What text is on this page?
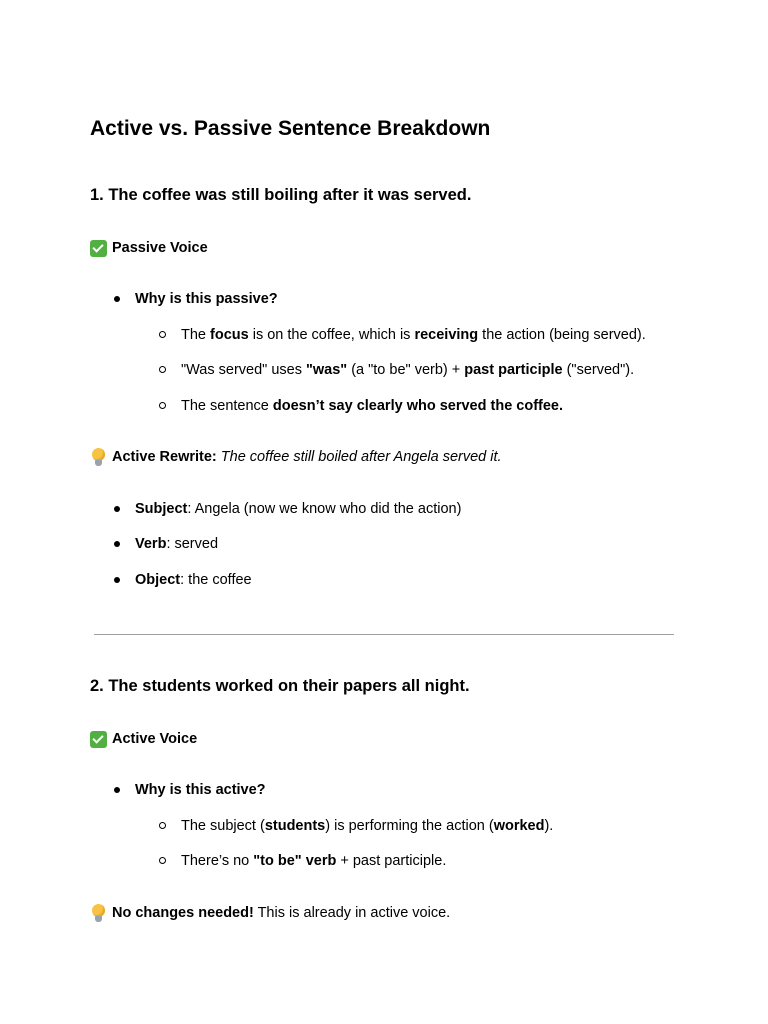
Active vs. Passive Sentence Breakdown
1. The coffee was still boiling after it was served.
Passive Voice
Why is this passive?
The focus is on the coffee, which is receiving the action (being served).
"Was served" uses "was" (a "to be" verb) + past participle ("served").
The sentence doesn’t say clearly who served the coffee.
Active Rewrite: The coffee still boiled after Angela served it.
Subject: Angela (now we know who did the action)
Verb: served
Object: the coffee
2. The students worked on their papers all night.
Active Voice
Why is this active?
The subject (students) is performing the action (worked).
There’s no "to be" verb + past participle.
No changes needed! This is already in active voice.
